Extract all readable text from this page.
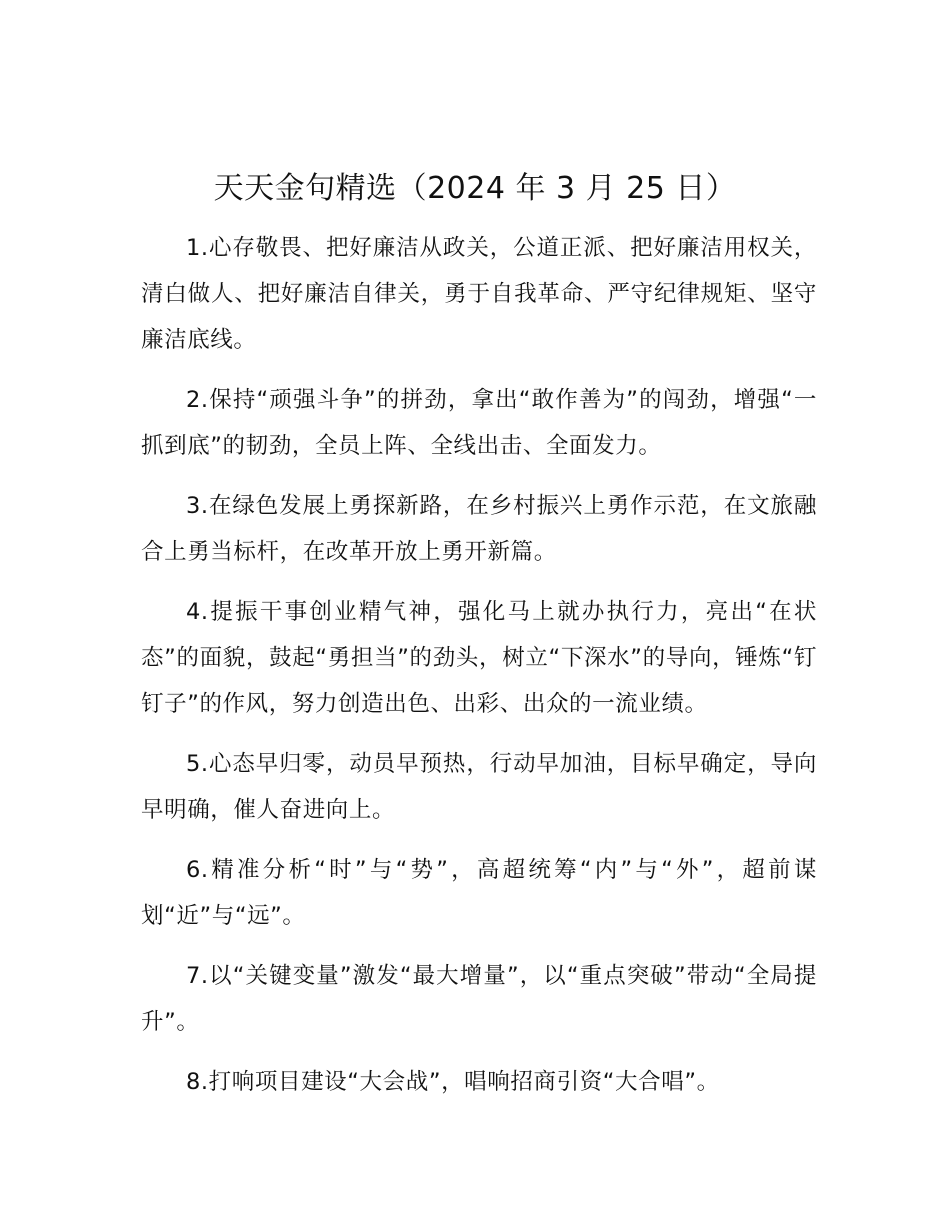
天天金句精选（2024 年 3 月 25 日）

1.心存敬畏、把好廉洁从政关，公道正派、把好廉洁用权关，清白做人、把好廉洁自律关，勇于自我革命、严守纪律规矩、坚守廉洁底线。

2.保持“顽强斗争”的拼劲，拿出“敢作善为”的闯劲，增强“一抓到底”的韧劲，全员上阵、全线出击、全面发力。

3.在绿色发展上勇探新路，在乡村振兴上勇作示范，在文旅融合上勇当标杆，在改革开放上勇开新篇。

4.提振干事创业精气神，强化马上就办执行力，亮出“在状态”的面貌，鼓起“勇担当”的劲头，树立“下深水”的导向，锤炼“钉钉子”的作风，努力创造出色、出彩、出众的一流业绩。

5.心态早归零，动员早预热，行动早加油，目标早确定，导向早明确，催人奋进向上。

6.精准分析“时”与“势”，高超统筹“内”与“外”，超前谋划“近”与“远”。

7.以“关键变量”激发“最大增量”，以“重点突破”带动“全局提升”。

8.打响项目建设“大会战”，唱响招商引资“大合唱”。
